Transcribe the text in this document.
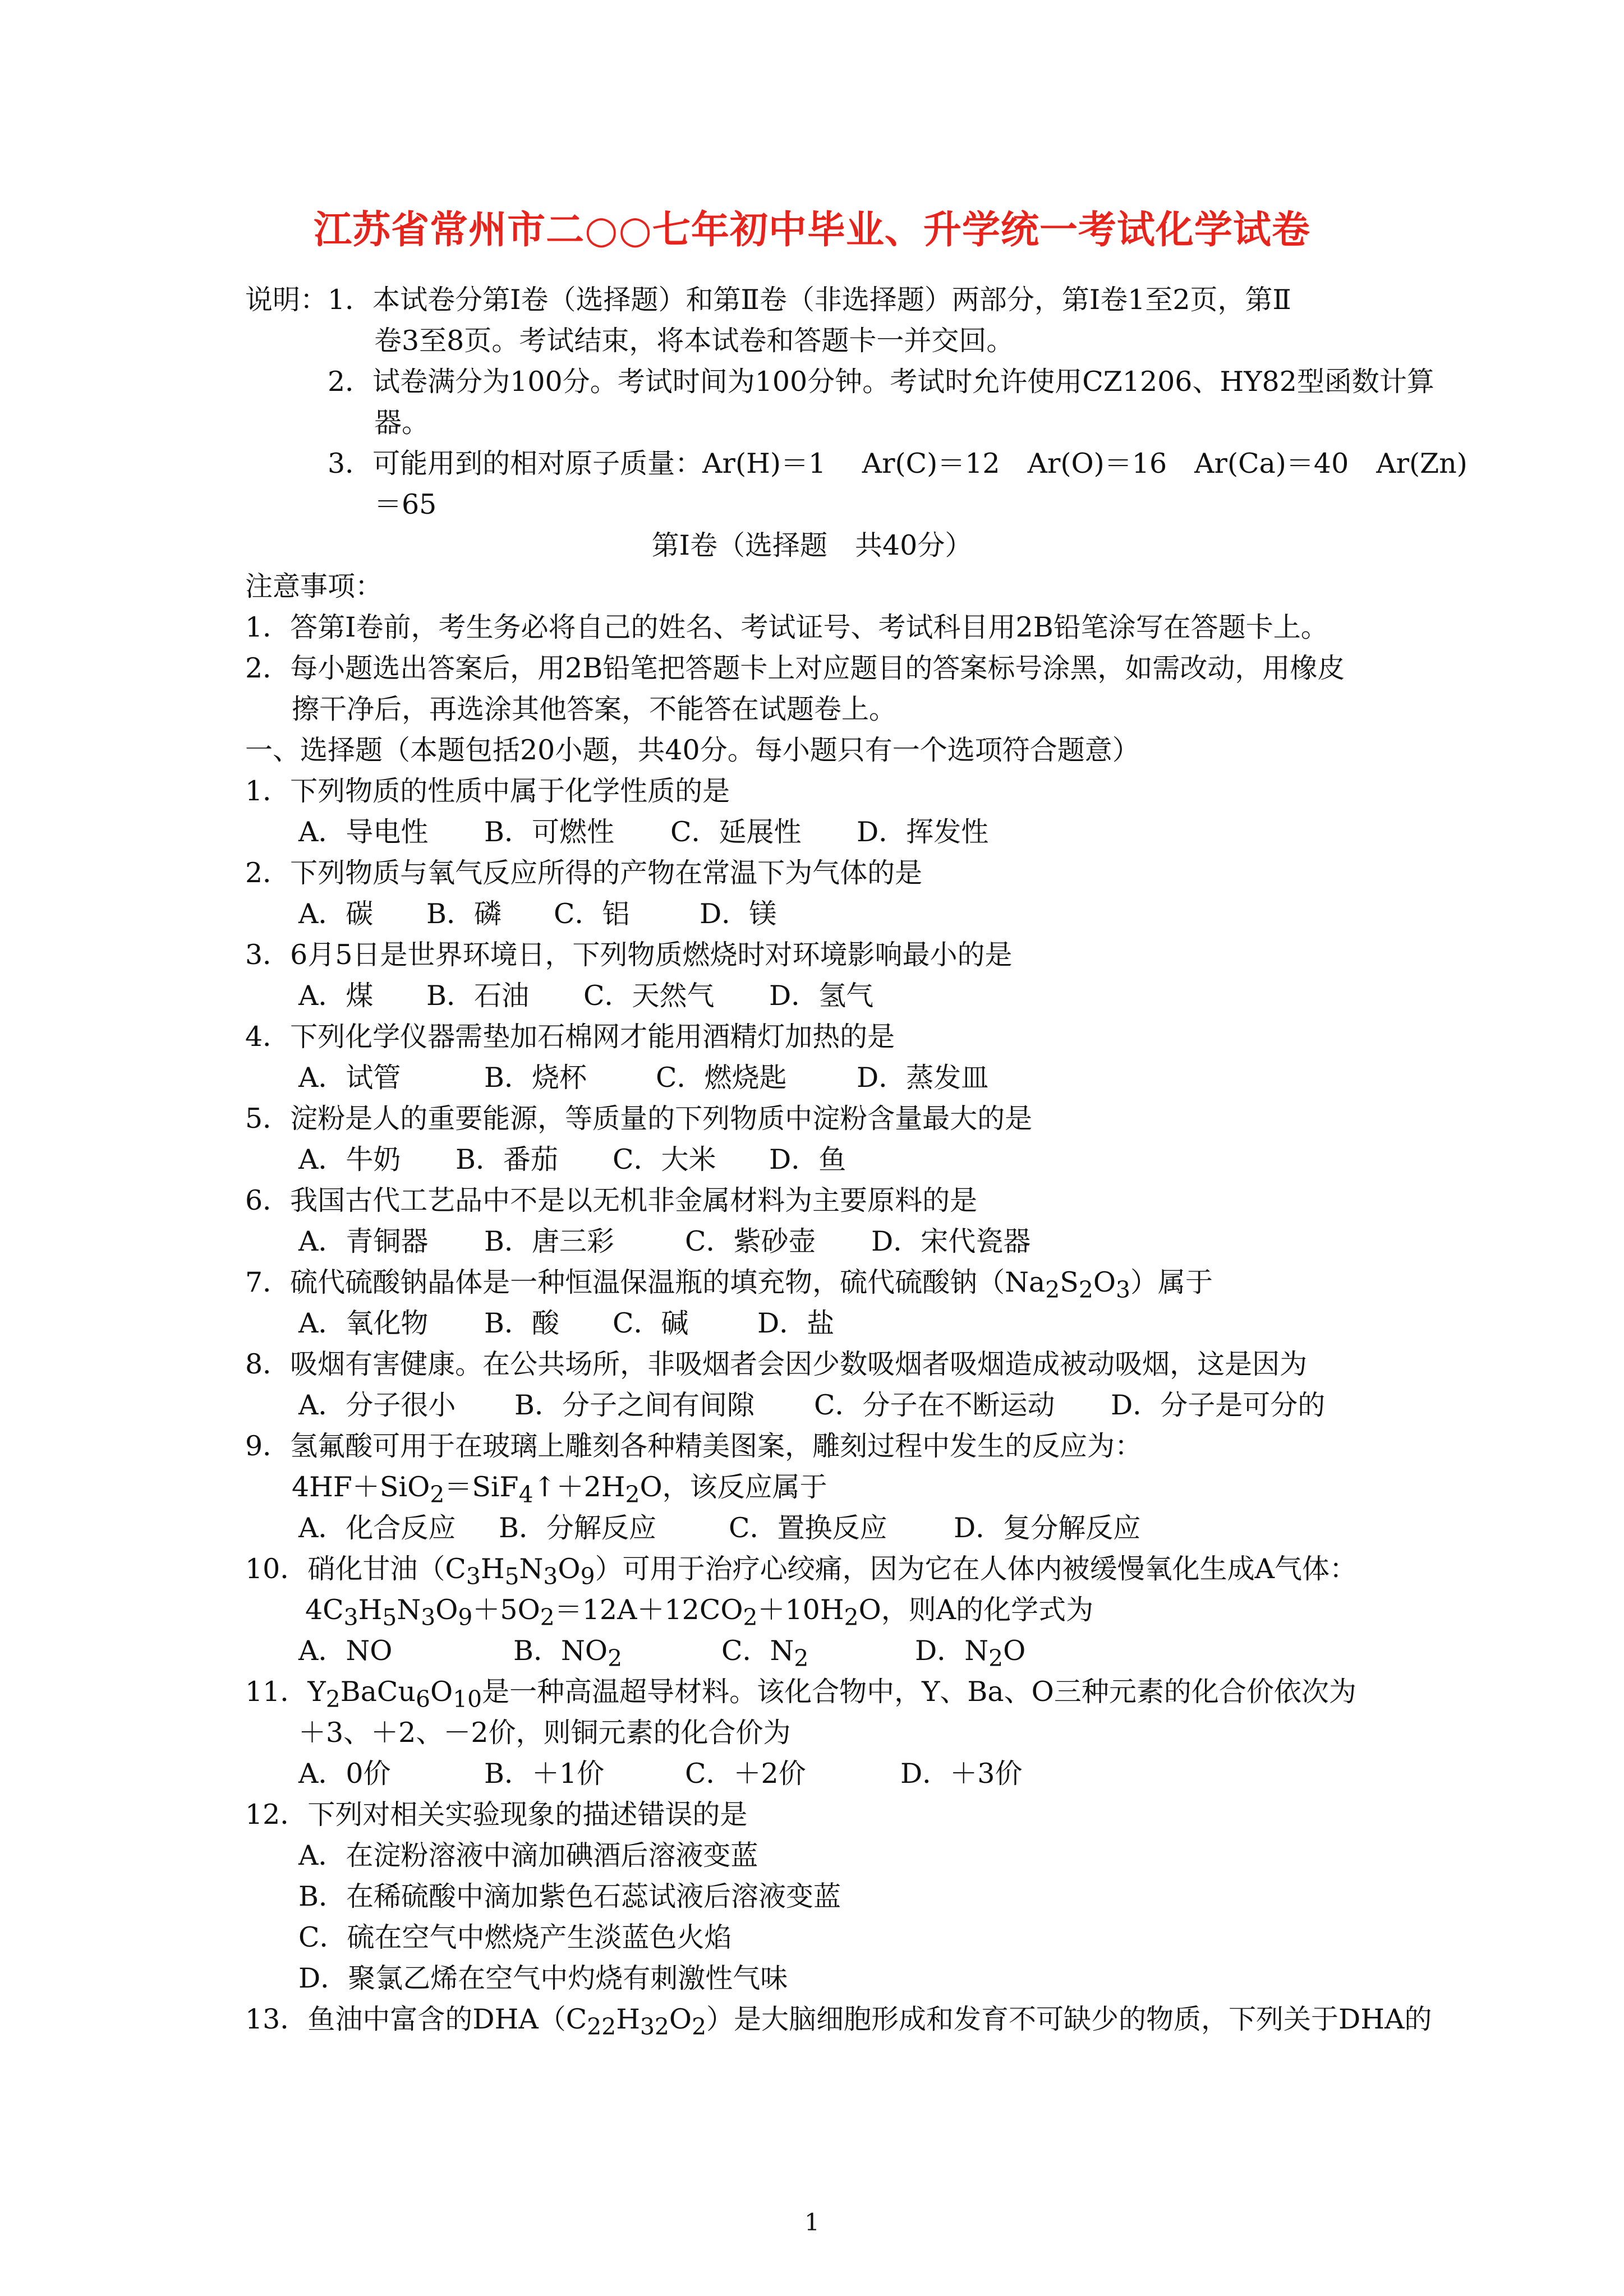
江苏省常州市二○○七年初中毕业、升学统一考试化学试卷
说明：1．本试卷分第Ⅰ卷（选择题）和第Ⅱ卷（非选择题）两部分，第Ⅰ卷1至2页，第Ⅱ
卷3至8页。考试结束，将本试卷和答题卡一并交回。
2．试卷满分为100分。考试时间为100分钟。考试时允许使用CZ1206、HY82型函数计算
器。
3．可能用到的相对原子质量：Ar(H)＝1　 Ar(C)＝12　Ar(O)＝16　Ar(Ca)＝40　Ar(Zn)
＝65
第Ⅰ卷（选择题　共40分）
注意事项：
1．答第Ⅰ卷前，考生务必将自己的姓名、考试证号、考试科目用2B铅笔涂写在答题卡上。
2．每小题选出答案后，用2B铅笔把答题卡上对应题目的答案标号涂黑，如需改动，用橡皮
擦干净后，再选涂其他答案，不能答在试题卷上。
一、选择题（本题包括20小题，共40分。每小题只有一个选项符合题意）
1．下列物质的性质中属于化学性质的是
A．导电性 B．可燃性 C．延展性 D．挥发性
2．下列物质与氧气反应所得的产物在常温下为气体的是
A．碳 B．磷 C．铝	D．镁
3．6月5日是世界环境日，下列物质燃烧时对环境影响最小的是
A．煤 B．石油 C．天然气 D．氢气
4．下列化学仪器需垫加石棉网才能用酒精灯加热的是
A．试管	B．烧杯	C．燃烧匙	D．蒸发皿
5．淀粉是人的重要能源，等质量的下列物质中淀粉含量最大的是
A．牛奶 B．番茄 C．大米 D．鱼
6．我国古代工艺品中不是以无机非金属材料为主要原料的是
A．青铜器 B．唐三彩	C．紫砂壶 D．宋代瓷器
7．硫代硫酸钠晶体是一种恒温保温瓶的填充物，硫代硫酸钠$(Na_2S_2O_3)$属于
A．氧化物 B．酸 C．碱	D．盐
8．吸烟有害健康。在公共场所，非吸烟者会因少数吸烟者吸烟造成被动吸烟，这是因为
A．分子很小 B．分子之间有间隙 C．分子在不断运动 D．分子是可分的
9．氢氟酸可用于在玻璃上雕刻各种精美图案，雕刻过程中发生的反应为：
$4HF+SiO_2=SiF_4↑+2H_2O$，该反应属于
A．化合反应 B．分解反应	C．置换反应 D．复分解反应
10．硝化甘油$(C_3H_5N_3O_9)$可用于治疗心绞痛，因为它在人体内被缓慢氧化生成A气体：
$4C_3H_5N_3O_9+5O_2=12A+12CO_2+10H_2O$，则A的化学式为
A．NO	B．$NO_2$	C．$N_2$	D．$N_2O$
11．$Y_2BaCu_6O_{10}$是一种高温超导材料。该化合物中，Y、Ba、O三种元素的化合价依次为
＋3、＋2、－2价，则铜元素的化合价为
A．0价	B．＋1价	C．＋2价	D．＋3价
12．下列对相关实验现象的描述错误的是
A．在淀粉溶液中滴加碘酒后溶液变蓝
B．在稀硫酸中滴加紫色石蕊试液后溶液变蓝
C．硫在空气中燃烧产生淡蓝色火焰
D．聚氯乙烯在空气中灼烧有刺激性气味
13．鱼油中富含的$DHA(C_{22}H_{32}O_2)$是大脑细胞形成和发育不可缺少的物质，下列关于DHA的
1
